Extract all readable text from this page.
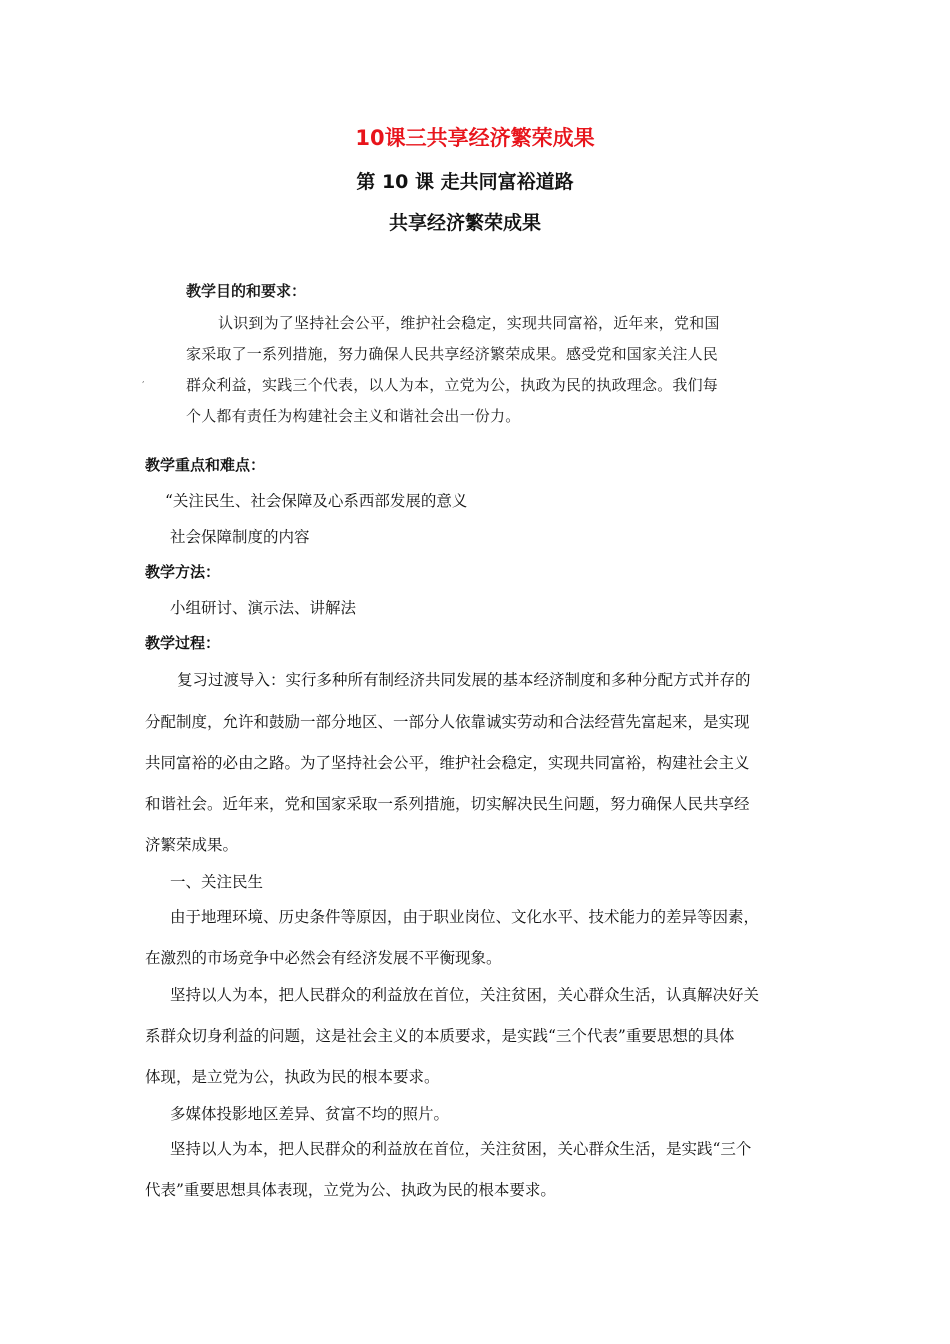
10课三共享经济繁荣成果
第 10 课 走共同富裕道路
共享经济繁荣成果
教学目的和要求：
认识到为了坚持社会公平，维护社会稳定，实现共同富裕，近年来，党和国
家采取了一系列措施，努力确保人民共享经济繁荣成果。感受党和国家关注人民
群众利益，实践三个代表，以人为本，立党为公，执政为民的执政理念。我们每
个人都有责任为构建社会主义和谐社会出一份力。
,
教学重点和难点：
“关注民生、社会保障及心系西部发展的意义
社会保障制度的内容
教学方法：
小组研讨、演示法、讲解法
教学过程：
复习过渡导入：实行多种所有制经济共同发展的基本经济制度和多种分配方式并存的
分配制度，允许和鼓励一部分地区、一部分人依靠诚实劳动和合法经营先富起来，是实现
共同富裕的必由之路。为了坚持社会公平，维护社会稳定，实现共同富裕，构建社会主义
和谐社会。近年来，党和国家采取一系列措施，切实解决民生问题，努力确保人民共享经
济繁荣成果。
一、关注民生
由于地理环境、历史条件等原因，由于职业岗位、文化水平、技术能力的差异等因素，
在激烈的市场竞争中必然会有经济发展不平衡现象。
坚持以人为本，把人民群众的利益放在首位，关注贫困，关心群众生活，认真解决好关
系群众切身利益的问题，这是社会主义的本质要求，是实践“三个代表”重要思想的具体
体现，是立党为公，执政为民的根本要求。
多媒体投影地区差异、贫富不均的照片。
坚持以人为本，把人民群众的利益放在首位，关注贫困，关心群众生活，是实践“三个
代表”重要思想具体表现，立党为公、执政为民的根本要求。
